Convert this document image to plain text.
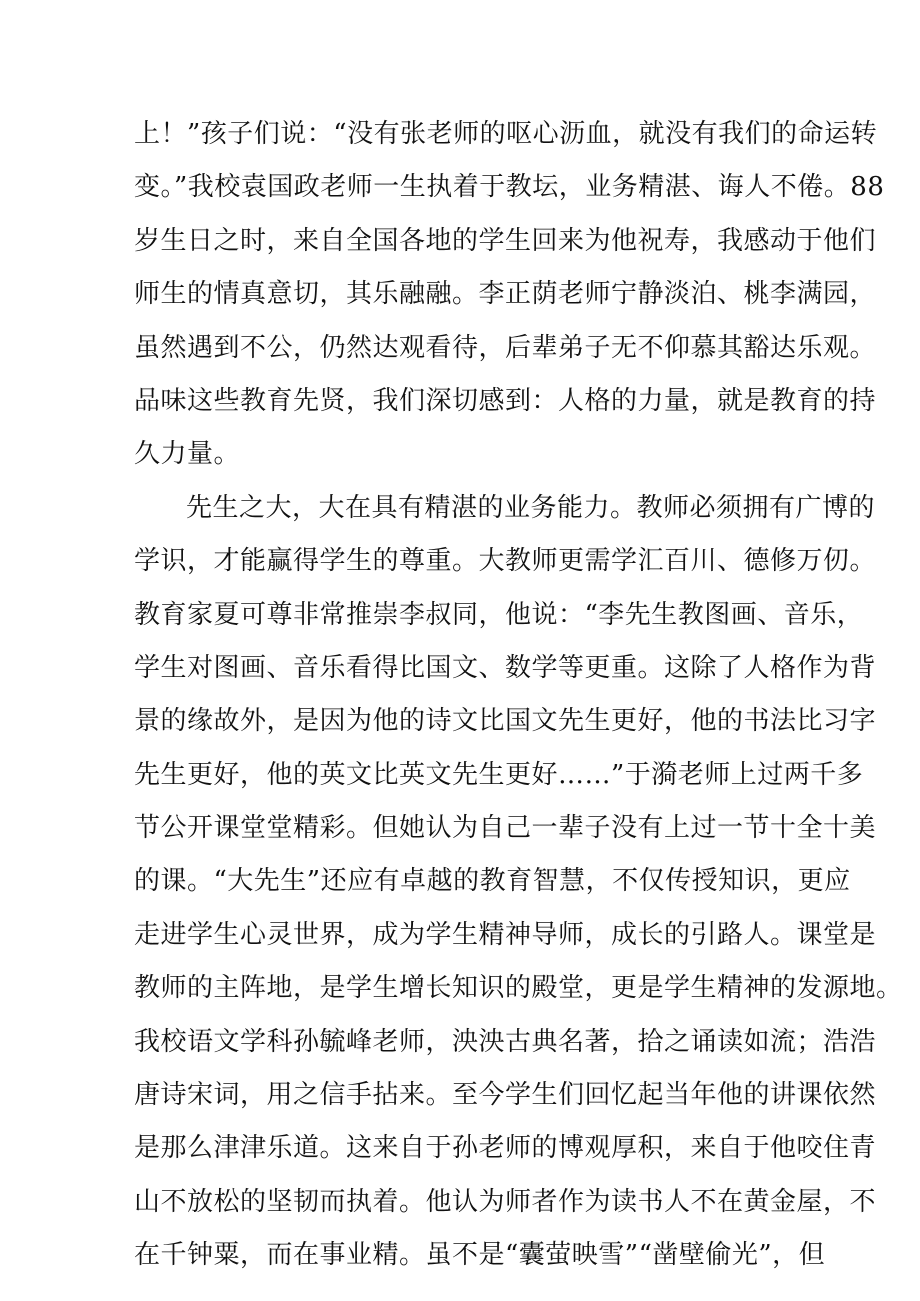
上！”孩子们说：“没有张老师的呕心沥血，就没有我们的命运转
变。”我校袁国政老师一生执着于教坛，业务精湛、诲人不倦。88
岁生日之时，来自全国各地的学生回来为他祝寿，我感动于他们
师生的情真意切，其乐融融。李正荫老师宁静淡泊、桃李满园，
虽然遇到不公，仍然达观看待，后辈弟子无不仰慕其豁达乐观。
品味这些教育先贤，我们深切感到：人格的力量，就是教育的持
久力量。
先生之大，大在具有精湛的业务能力。教师必须拥有广博的
学识，才能赢得学生的尊重。大教师更需学汇百川、德修万仞。
教育家夏可尊非常推崇李叔同，他说：“李先生教图画、音乐，
学生对图画、音乐看得比国文、数学等更重。这除了人格作为背
景的缘故外，是因为他的诗文比国文先生更好，他的书法比习字
先生更好，他的英文比英文先生更好……”于漪老师上过两千多
节公开课堂堂精彩。但她认为自己一辈子没有上过一节十全十美
的课。“大先生”还应有卓越的教育智慧，不仅传授知识，更应
走进学生心灵世界，成为学生精神导师，成长的引路人。课堂是
教师的主阵地，是学生增长知识的殿堂，更是学生精神的发源地。
我校语文学科孙毓峰老师，泱泱古典名著，拾之诵读如流；浩浩
唐诗宋词，用之信手拈来。至今学生们回忆起当年他的讲课依然
是那么津津乐道。这来自于孙老师的博观厚积，来自于他咬住青
山不放松的坚韧而执着。他认为师者作为读书人不在黄金屋，不
在千钟粟，而在事业精。虽不是“囊萤映雪”“凿壁偷光”，但
